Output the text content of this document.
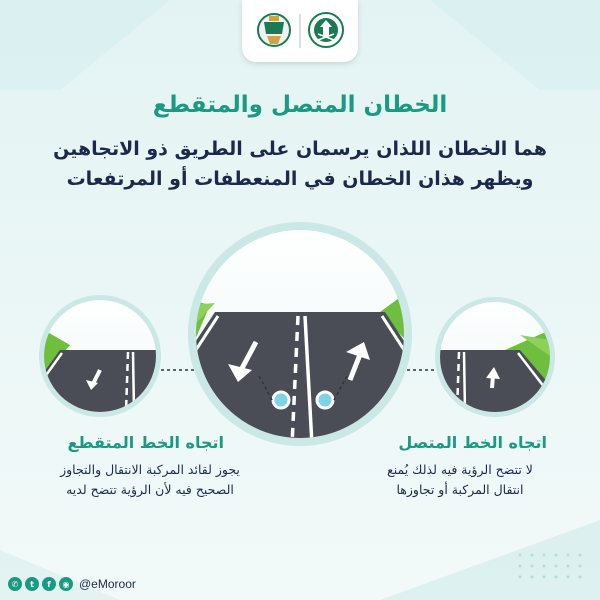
الخطان المتصل والمتقطع
هما الخطان اللذان يرسمان على الطريق ذو الاتجاهين
ويظهر هذان الخطان في المنعطفات أو المرتفعات
اتجاه الخط المتقطع
يجوز لقائد المركبة الانتقال والتجاوز
الصحيح فيه لأن الرؤية تتضح لديه
اتجاه الخط المتصل
لا تتضح الرؤية فيه لذلك يُمنع
انتقال المركبة أو تجاوزها
✆	t	f	◉ @eMoroor
